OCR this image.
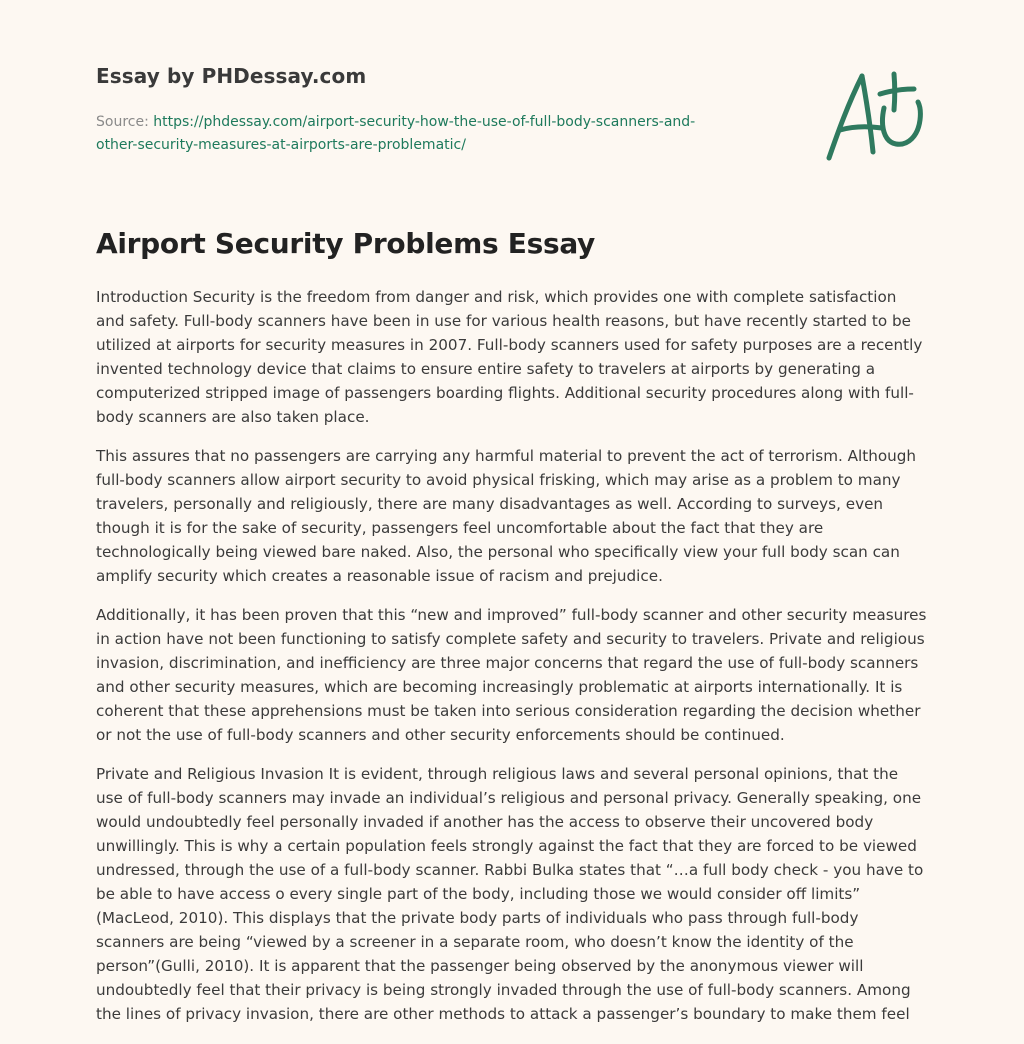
Essay by PHDessay.com
Source: https://phdessay.com/airport-security-how-the-use-of-full-body-scanners-and-
other-security-measures-at-airports-are-problematic/
Airport Security Problems Essay

Introduction Security is the freedom from danger and risk, which provides one with complete satisfaction and safety. Full-body scanners have been in use for various health reasons, but have recently started to be utilized at airports for security measures in 2007. Full-body scanners used for safety purposes are a recently invented technology device that claims to ensure entire safety to travelers at airports by generating a computerized stripped image of passengers boarding flights. Additional security procedures along with full-body scanners are also taken place.

This assures that no passengers are carrying any harmful material to prevent the act of terrorism. Although full-body scanners allow airport security to avoid physical frisking, which may arise as a problem to many travelers, personally and religiously, there are many disadvantages as well. According to surveys, even though it is for the sake of security, passengers feel uncomfortable about the fact that they are technologically being viewed bare naked. Also, the personal who specifically view your full body scan can amplify security which creates a reasonable issue of racism and prejudice.

Additionally, it has been proven that this “new and improved” full-body scanner and other security measures in action have not been functioning to satisfy complete safety and security to travelers. Private and religious invasion, discrimination, and inefficiency are three major concerns that regard the use of full-body scanners and other security measures, which are becoming increasingly problematic at airports internationally. It is coherent that these apprehensions must be taken into serious consideration regarding the decision whether or not the use of full-body scanners and other security enforcements should be continued.

Private and Religious Invasion It is evident, through religious laws and several personal opinions, that the use of full-body scanners may invade an individual’s religious and personal privacy. Generally speaking, one would undoubtedly feel personally invaded if another has the access to observe their uncovered body unwillingly. This is why a certain population feels strongly against the fact that they are forced to be viewed undressed, through the use of a full-body scanner. Rabbi Bulka states that “…a full body check - you have to be able to have access o every single part of the body, including those we would consider off limits” (MacLeod, 2010). This displays that the private body parts of individuals who pass through full-body scanners are being “viewed by a screener in a separate room, who doesn’t know the identity of the person”(Gulli, 2010). It is apparent that the passenger being observed by the anonymous viewer will undoubtedly feel that their privacy is being strongly invaded through the use of full-body scanners. Among the lines of privacy invasion, there are other methods to attack a passenger’s boundary to make them feel
